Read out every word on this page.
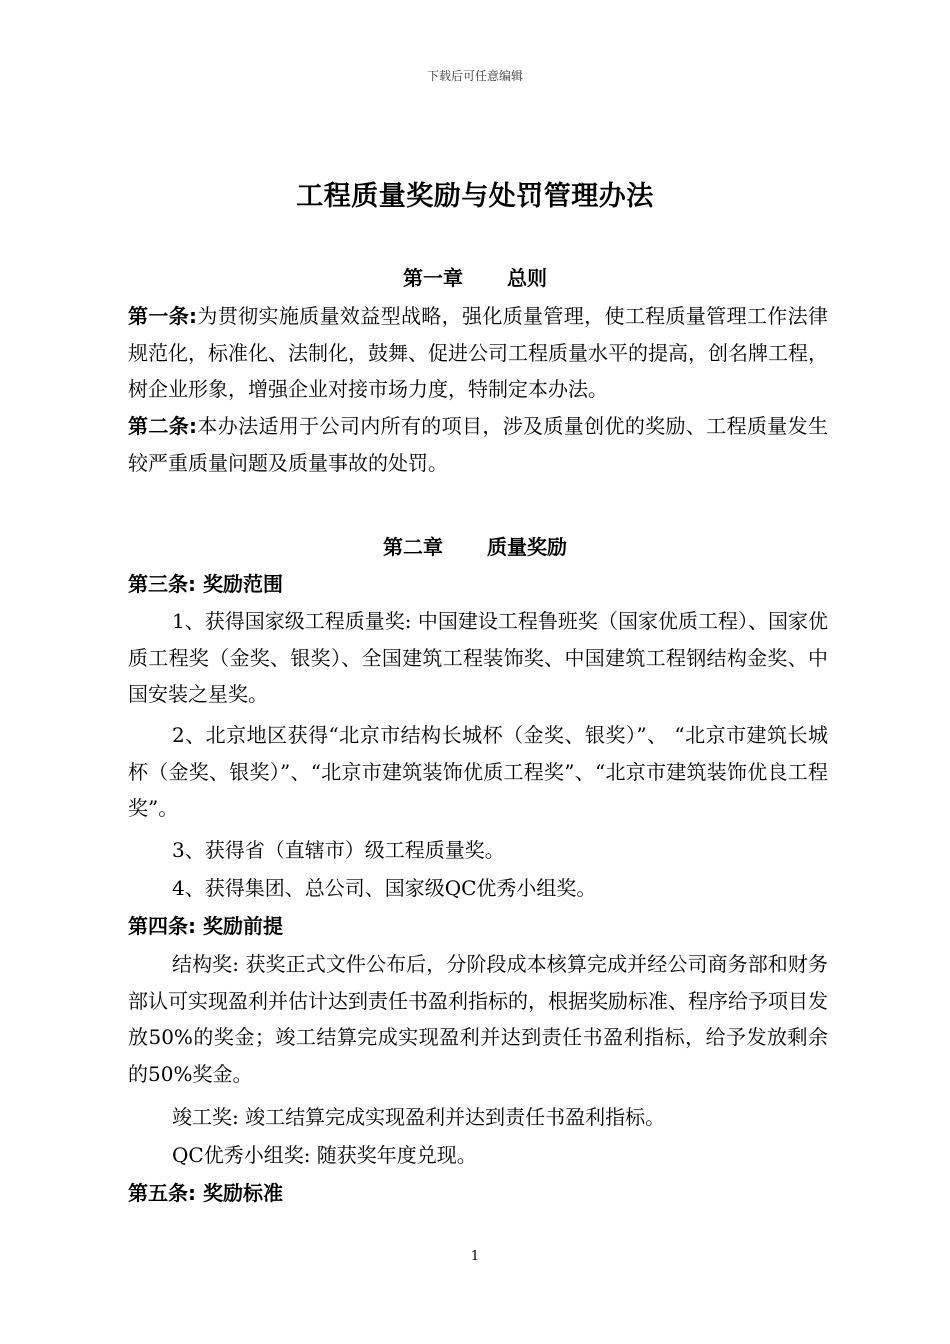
下载后可任意编辑
工程质量奖励与处罚管理办法
第一章 总则
第一条:为贯彻实施质量效益型战略，强化质量管理，使工程质量管理工作法律规范化，标准化、法制化，鼓舞、促进公司工程质量水平的提高，创名牌工程，树企业形象，增强企业对接市场力度，特制定本办法。
第二条:本办法适用于公司内所有的项目，涉及质量创优的奖励、工程质量发生较严重质量问题及质量事故的处罚。
第二章 质量奖励
第三条: 奖励范围
1、获得国家级工程质量奖: 中国建设工程鲁班奖（国家优质工程）、国家优质工程奖（金奖、银奖）、全国建筑工程装饰奖、中国建筑工程钢结构金奖、中国安装之星奖。
2、北京地区获得“北京市结构长城杯（金奖、银奖）”、 “北京市建筑长城杯（金奖、银奖）”、“北京市建筑装饰优质工程奖”、“北京市建筑装饰优良工程奖”。
3、获得省（直辖市）级工程质量奖。
4、获得集团、总公司、国家级QC优秀小组奖。
第四条: 奖励前提
结构奖: 获奖正式文件公布后，分阶段成本核算完成并经公司商务部和财务部认可实现盈利并估计达到责任书盈利指标的，根据奖励标准、程序给予项目发放50%的奖金；竣工结算完成实现盈利并达到责任书盈利指标，给予发放剩余的50%奖金。
竣工奖: 竣工结算完成实现盈利并达到责任书盈利指标。
QC优秀小组奖: 随获奖年度兑现。
第五条: 奖励标准
1
